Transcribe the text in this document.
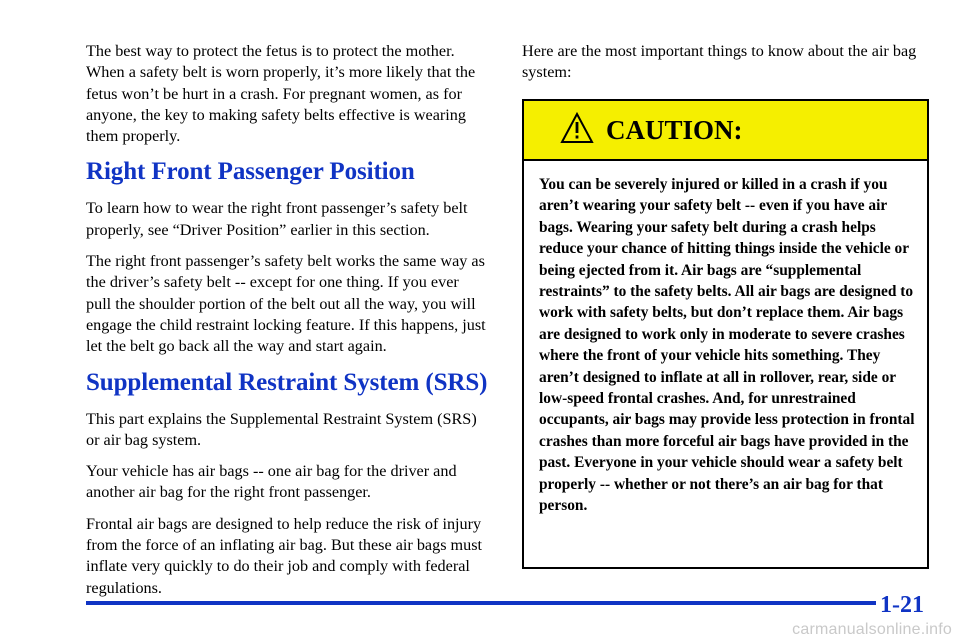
The best way to protect the fetus is to protect the mother. When a safety belt is worn properly, it’s more likely that the fetus won’t be hurt in a crash. For pregnant women, as for anyone, the key to making safety belts effective is wearing them properly.

Right Front Passenger Position

To learn how to wear the right front passenger’s safety belt properly, see “Driver Position” earlier in this section.

The right front passenger’s safety belt works the same way as the driver’s safety belt -- except for one thing. If you ever pull the shoulder portion of the belt out all the way, you will engage the child restraint locking feature. If this happens, just let the belt go back all the way and start again.

Supplemental Restraint System (SRS)

This part explains the Supplemental Restraint System (SRS) or air bag system.

Your vehicle has air bags -- one air bag for the driver and another air bag for the right front passenger.

Frontal air bags are designed to help reduce the risk of injury from the force of an inflating air bag. But these air bags must inflate very quickly to do their job and comply with federal regulations.

Here are the most important things to know about the air bag system:

CAUTION:
You can be severely injured or killed in a crash if you aren’t wearing your safety belt -- even if you have air bags. Wearing your safety belt during a crash helps reduce your chance of hitting things inside the vehicle or being ejected from it. Air bags are “supplemental restraints” to the safety belts. All air bags are designed to work with safety belts, but don’t replace them. Air bags are designed to work only in moderate to severe crashes where the front of your vehicle hits something. They aren’t designed to inflate at all in rollover, rear, side or low-speed frontal crashes. And, for unrestrained occupants, air bags may provide less protection in frontal crashes than more forceful air bags have provided in the past. Everyone in your vehicle should wear a safety belt properly -- whether or not there’s an air bag for that person.
1-21
carmanualsonline.info
